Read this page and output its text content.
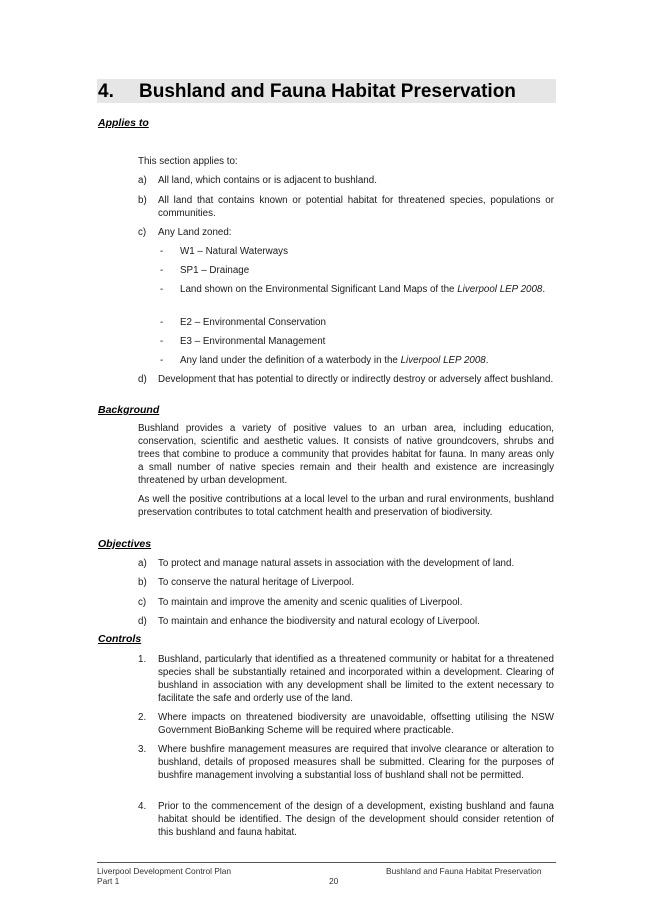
4. Bushland and Fauna Habitat Preservation
Applies to
This section applies to:
a) All land, which contains or is adjacent to bushland.
b) All land that contains known or potential habitat for threatened species, populations or communities.
c) Any Land zoned:
- W1 – Natural Waterways
- SP1 – Drainage
- Land shown on the Environmental Significant Land Maps of the Liverpool LEP 2008.
- E2 – Environmental Conservation
- E3 – Environmental Management
- Any land under the definition of a waterbody in the Liverpool LEP 2008.
d) Development that has potential to directly or indirectly destroy or adversely affect bushland.
Background
Bushland provides a variety of positive values to an urban area, including education, conservation, scientific and aesthetic values. It consists of native groundcovers, shrubs and trees that combine to produce a community that provides habitat for fauna. In many areas only a small number of native species remain and their health and existence are increasingly threatened by urban development.
As well the positive contributions at a local level to the urban and rural environments, bushland preservation contributes to total catchment health and preservation of biodiversity.
Objectives
a) To protect and manage natural assets in association with the development of land.
b) To conserve the natural heritage of Liverpool.
c) To maintain and improve the amenity and scenic qualities of Liverpool.
d) To maintain and enhance the biodiversity and natural ecology of Liverpool.
Controls
1. Bushland, particularly that identified as a threatened community or habitat for a threatened species shall be substantially retained and incorporated within a development. Clearing of bushland in association with any development shall be limited to the extent necessary to facilitate the safe and orderly use of the land.
2. Where impacts on threatened biodiversity are unavoidable, offsetting utilising the NSW Government BioBanking Scheme will be required where practicable.
3. Where bushfire management measures are required that involve clearance or alteration to bushland, details of proposed measures shall be submitted. Clearing for the purposes of bushfire management involving a substantial loss of bushland shall not be permitted.
4. Prior to the commencement of the design of a development, existing bushland and fauna habitat should be identified. The design of the development should consider retention of this bushland and fauna habitat.
Liverpool Development Control Plan
Part 1	20
Bushland and Fauna Habitat Preservation
